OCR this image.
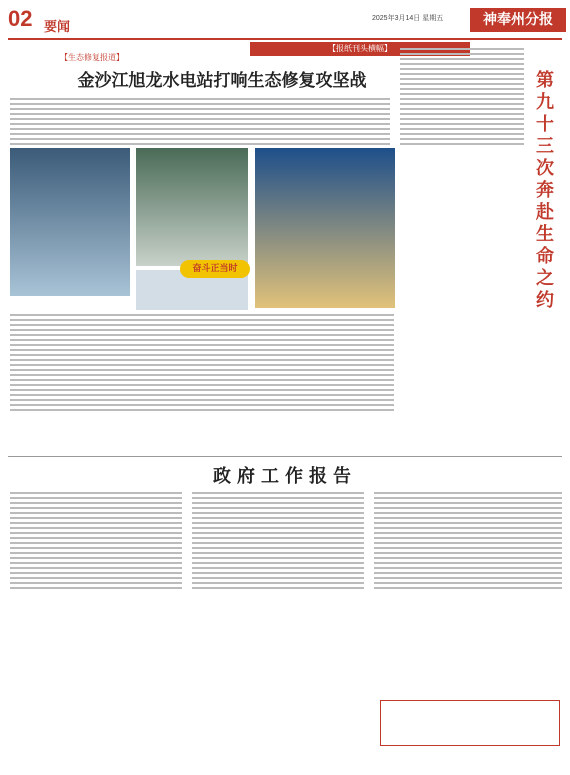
02 要闻
2025年3月14日 星期五	神奉州分报
【报纸刊头横幅】
【生态修复报道】
金沙江旭龙水电站打响生态修复攻坚战
奋斗正当时
第九十三次奔赴生命之约
政府工作报告
